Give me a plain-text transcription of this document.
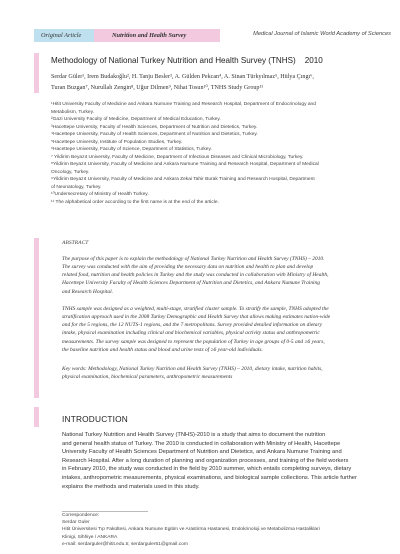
Original Article	Nutrition and Health Survey	Medical Journal of Islamic World Academy of Sciences
Methodology of National Turkey Nutrition and Health Survey (TNHS) 2010
Serdar Güler¹, Irem Budakoğlu², H. Tanju Besler³, A. Gülden Pekcan⁴, A. Sinan Türkyılmaz⁵, Hülya Çıngı⁶,
Turan Buzgan⁷, Nurullah Zengin⁸, Uğur Dilmen⁹, Nihat Tosun¹⁰, TNHS Study Group¹¹
¹Hitit University Faculty of Medicine and Ankara Numune Training and Research Hospital, Department of Endocrinology and
Metabolism, Turkey.
²Gazi University Faculty of Medicine, Department of Medical Education, Turkey.
³Hacettepe University, Faculty of Health Sciences, Department of Nutrition and Dietetics, Turkey.
⁴Hacettepe University, Faculty of Health Sciences, Department of Nutrition and Dietetics, Turkey.
⁵Hacettepe University, Institute of Population Studies, Turkey.
⁶Hacettepe University, Faculty of Science, Department of Statistics, Turkey.
⁷ Yildirim Beyazıt University, Faculty of Medicine, Department of Infectious Diseases and Clinical Microbiology, Turkey.
⁸Yildirim Beyazıt University, Faculty of Medicine and Ankara Numune Training and Research Hospital, Department of Medical
Oncology, Turkey.
⁹Yildirim Beyazıt University, Faculty of Medicine and Ankara Zekai Tahir Burak Training and Research Hospital, Department
of Neonatology, Turkey.
¹⁰Undersecretary of Ministry of Health Turkey.
¹¹ The alphabetical order according to the first name is at the end of the article.
ABSTRACT
The purpose of this paper is to explain the methodology of National Turkey Nutrition and Health Survey (TNHS) – 2010.
The survey was conducted with the aim of providing the necessary data on nutrition and health to plan and develop
related food, nutrition and health policies in Turkey and the study was conducted in collaboration with Ministry of Health,
Hacettepe University Faculty of Health Sciences Department of Nutrition and Dietetics, and Ankara Numune Training
and Research Hospital.
TNHS sample was designed as a weighted, multi-stage, stratified cluster sample. To stratify the sample, TNHS adopted the
stratification approach used in the 2008 Turkey Demographic and Health Survey that allows making estimates nation-wide
and for the 5 regions, the 12 NUTS-1 regions, and the 7 metropolitans. Survey provided detailed information on dietary
intake, physical examination including clinical and biochemical variables, physical activity status and anthropometric
measurements. The survey sample was designed to represent the population of Turkey in age groups of 0-5 and ≥6 years,
the baseline nutrition and health status and blood and urine tests of ≥6 year-old individuals.
Key words: Methodology, National Turkey Nutrition and Health Survey (TNHS) – 2010, dietary intake, nutrition habits,
physical examination, biochemical parameters, anthropometric measurements
INTRODUCTION
National Turkey Nutrition and Health Survey (TNHS)-2010 is a study that aims to document the nutrition
and general health status of Turkey. The 2010 is conducted in collaboration with Ministry of Health, Hacettepe
University Faculty of Health Sciences Department of Nutrition and Dietetics, and Ankara Numune Training and
Research Hospital. After a long duration of planning and organization processes, and training of the field workers
in February 2010, the study was conducted in the field by 2010 summer, which entails completing surveys, dietary
intakes, anthropometric measurements, physical examinations, and biological sample collections. This article further
explains the methods and materials used in this study.
Correspondence:
Serdar Guler
Hitit Üniversitesi Tıp Fakültesi, Ankara Numune Egitim ve Arastirma Hastanesi, Endokrinoloji ve Metabolizma Hastaliklari
Klinigi, Sihhiye / ANKARA
e-mail: serdarguler@hitit.edu.tr, serdarguler61@gmail.com
